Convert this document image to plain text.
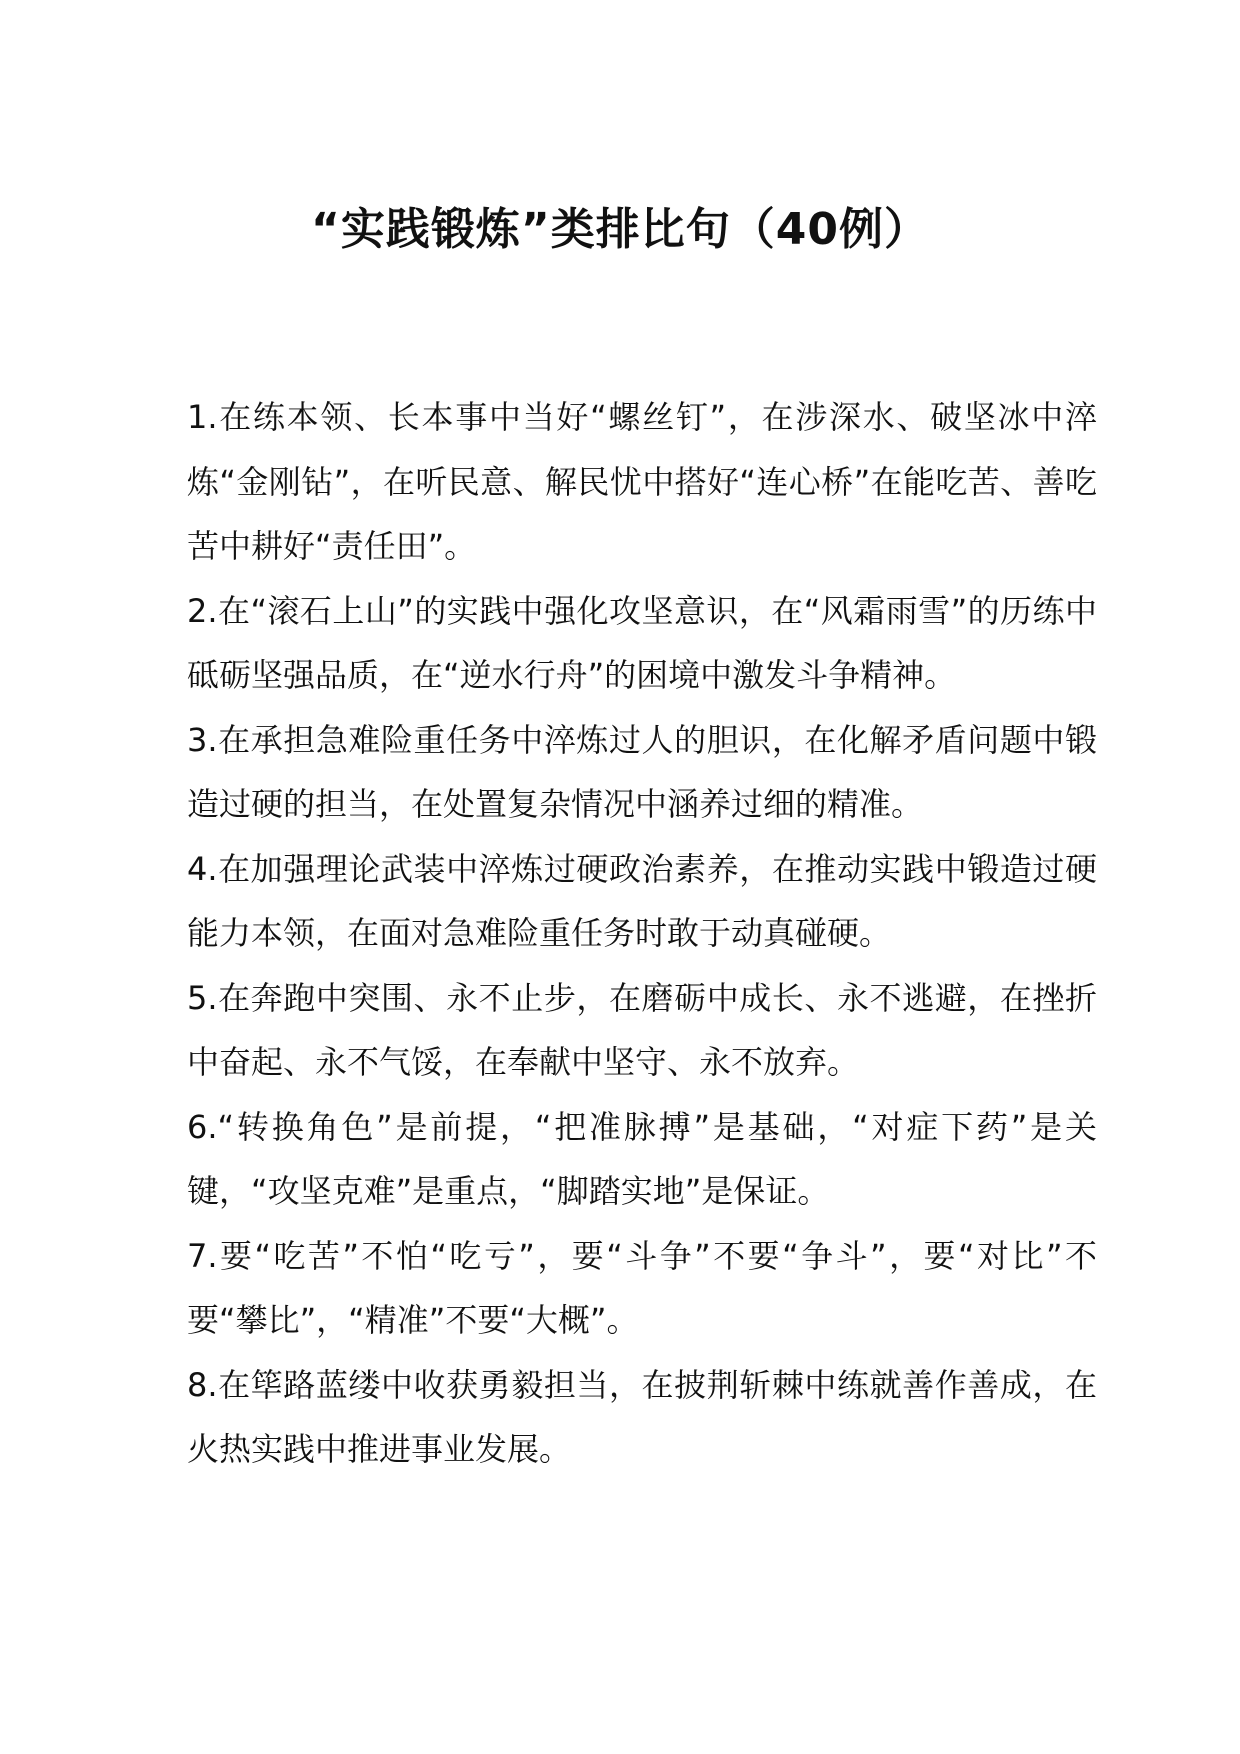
“实践锻炼”类排比句（40例）

1.在练本领、长本事中当好“螺丝钉”，在涉深水、破坚冰中淬炼“金刚钻”，在听民意、解民忧中搭好“连心桥”在能吃苦、善吃苦中耕好“责任田”。

2.在“滚石上山”的实践中强化攻坚意识，在“风霜雨雪”的历练中砥砺坚强品质，在“逆水行舟”的困境中激发斗争精神。

3.在承担急难险重任务中淬炼过人的胆识，在化解矛盾问题中锻造过硬的担当，在处置复杂情况中涵养过细的精准。

4.在加强理论武装中淬炼过硬政治素养，在推动实践中锻造过硬能力本领，在面对急难险重任务时敢于动真碰硬。

5.在奔跑中突围、永不止步，在磨砺中成长、永不逃避，在挫折中奋起、永不气馁，在奉献中坚守、永不放弃。

6.“转换角色”是前提，“把准脉搏”是基础，“对症下药”是关键，“攻坚克难”是重点，“脚踏实地”是保证。

7.要“吃苦”不怕“吃亏”，要“斗争”不要“争斗”，要“对比”不要“攀比”，“精准”不要“大概”。

8.在筚路蓝缕中收获勇毅担当，在披荆斩棘中练就善作善成，在火热实践中推进事业发展。
